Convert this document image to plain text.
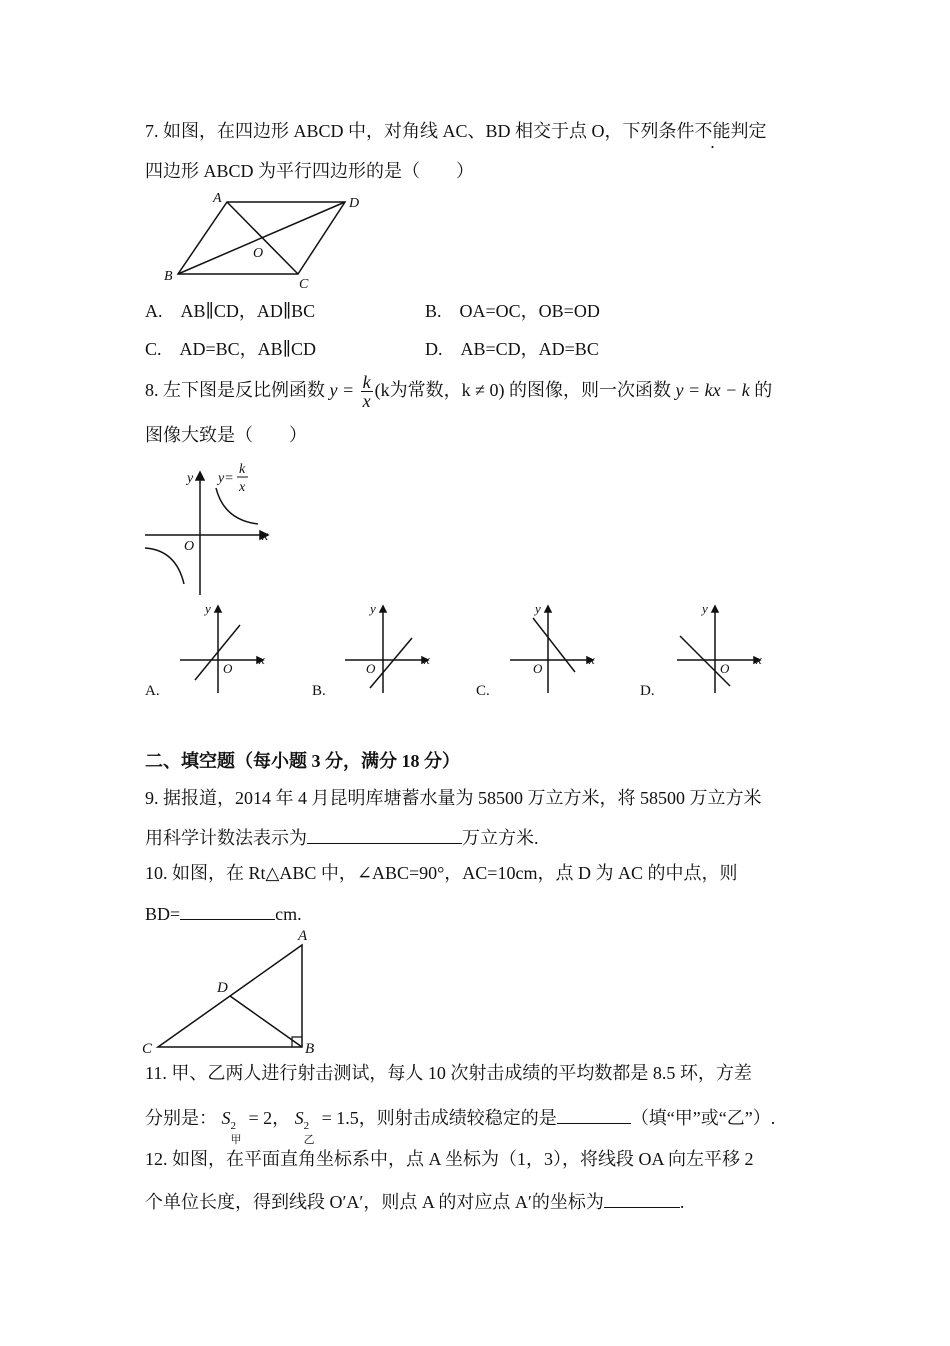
7. 如图，在四边形 ABCD 中，对角线 AC、BD 相交于点 O，下列条件不能判定
四边形 ABCD 为平行四边形的是（　　）
A	D
B
C
O
A.　AB∥CD，AD∥BC	B.　OA=OC，OB=OD
C.　AD=BC，AB∥CD	D.　AB=CD，AD=BC
8. 左下图是反比例函数 $y = \frac{k}{x} (k$为常数，k ≠ 0) 的图像，则一次函数 y = kx − k 的
图像大致是（　　）
y
x
O
y=
k
x
A.
y
x
O
B.
y
x
O
C.
y
x
O
D.
y
x
O
二、填空题（每小题 3 分，满分 18 分）
9. 据报道，2014 年 4 月昆明库塘蓄水量为 58500 万立方米，将 58500 万立方米
用科学计数法表示为	万立方米.
10. 如图，在 Rt△ABC 中，∠ABC=90°，AC=10cm，点 D 为 AC 的中点，则
BD=	cm.
A
D
C	B
11. 甲、乙两人进行射击测试，每人 10 次射击成绩的平均数都是 8.5 环，方差
分别是： S 2
甲
= 2， S 2
乙
= 1.5，则射击成绩较稳定的是	（填“甲”或“乙”）.
12. 如图，在平面直角坐标系中，点 A 坐标为（1，3），将线段 OA 向左平移 2
个单位长度，得到线段 O′A′，则点 A 的对应点 A′的坐标为	.
